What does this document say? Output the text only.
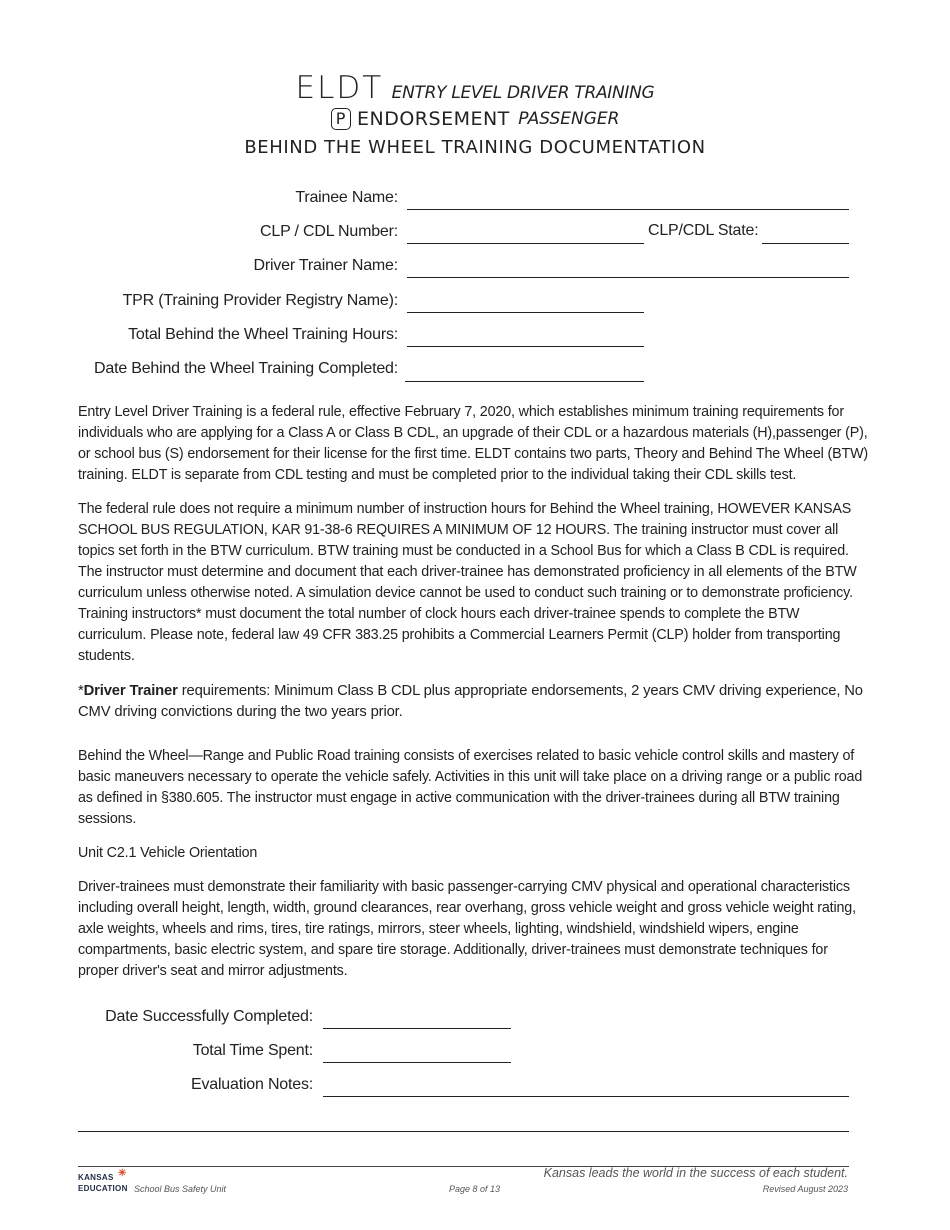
ELDT ENTRY LEVEL DRIVER TRAINING
P ENDORSEMENT PASSENGER
BEHIND THE WHEEL TRAINING DOCUMENTATION
Trainee Name:
CLP / CDL Number:	CLP/CDL State:
Driver Trainer Name:
TPR (Training Provider Registry Name):
Total Behind the Wheel Training Hours:
Date Behind the Wheel Training Completed:
Entry Level Driver Training is a federal rule, effective February 7, 2020, which establishes minimum training requirements for individuals who are applying for a Class A or Class B CDL, an upgrade of their CDL or a hazardous materials (H),passenger (P), or school bus (S) endorsement for their license for the first time. ELDT contains two parts, Theory and Behind The Wheel (BTW) training. ELDT is separate from CDL testing and must be completed prior to the individual taking their CDL skills test.
The federal rule does not require a minimum number of instruction hours for Behind the Wheel training, HOWEVER KANSAS SCHOOL BUS REGULATION, KAR 91-38-6 REQUIRES A MINIMUM OF 12 HOURS. The training instructor must cover all topics set forth in the BTW curriculum. BTW training must be conducted in a School Bus for which a Class B CDL is required. The instructor must determine and document that each driver-trainee has demonstrated proficiency in all elements of the BTW curriculum unless otherwise noted. A simulation device cannot be used to conduct such training or to demonstrate proficiency. Training instructors* must document the total number of clock hours each driver-trainee spends to complete the BTW curriculum. Please note, federal law 49 CFR 383.25 prohibits a Commercial Learners Permit (CLP) holder from transporting students.
*Driver Trainer requirements: Minimum Class B CDL plus appropriate endorsements, 2 years CMV driving experience, No CMV driving convictions during the two years prior.
Behind the Wheel—Range and Public Road training consists of exercises related to basic vehicle control skills and mastery of basic maneuvers necessary to operate the vehicle safely. Activities in this unit will take place on a driving range or a public road as defined in §380.605. The instructor must engage in active communication with the driver-trainees during all BTW training sessions.
Unit C2.1 Vehicle Orientation
Driver-trainees must demonstrate their familiarity with basic passenger-carrying CMV physical and operational characteristics including overall height, length, width, ground clearances, rear overhang, gross vehicle weight and gross vehicle weight rating, axle weights, wheels and rims, tires, tire ratings, mirrors, steer wheels, lighting, windshield, windshield wipers, engine compartments, basic electric system, and spare tire storage. Additionally, driver-trainees must demonstrate techniques for proper driver's seat and mirror adjustments.
Date Successfully Completed:
Total Time Spent:
Evaluation Notes:
Kansas leads the world in the success of each student.
✳
KANSAS
EDUCATION School Bus Safety Unit	Page 8 of 13	Revised August 2023
